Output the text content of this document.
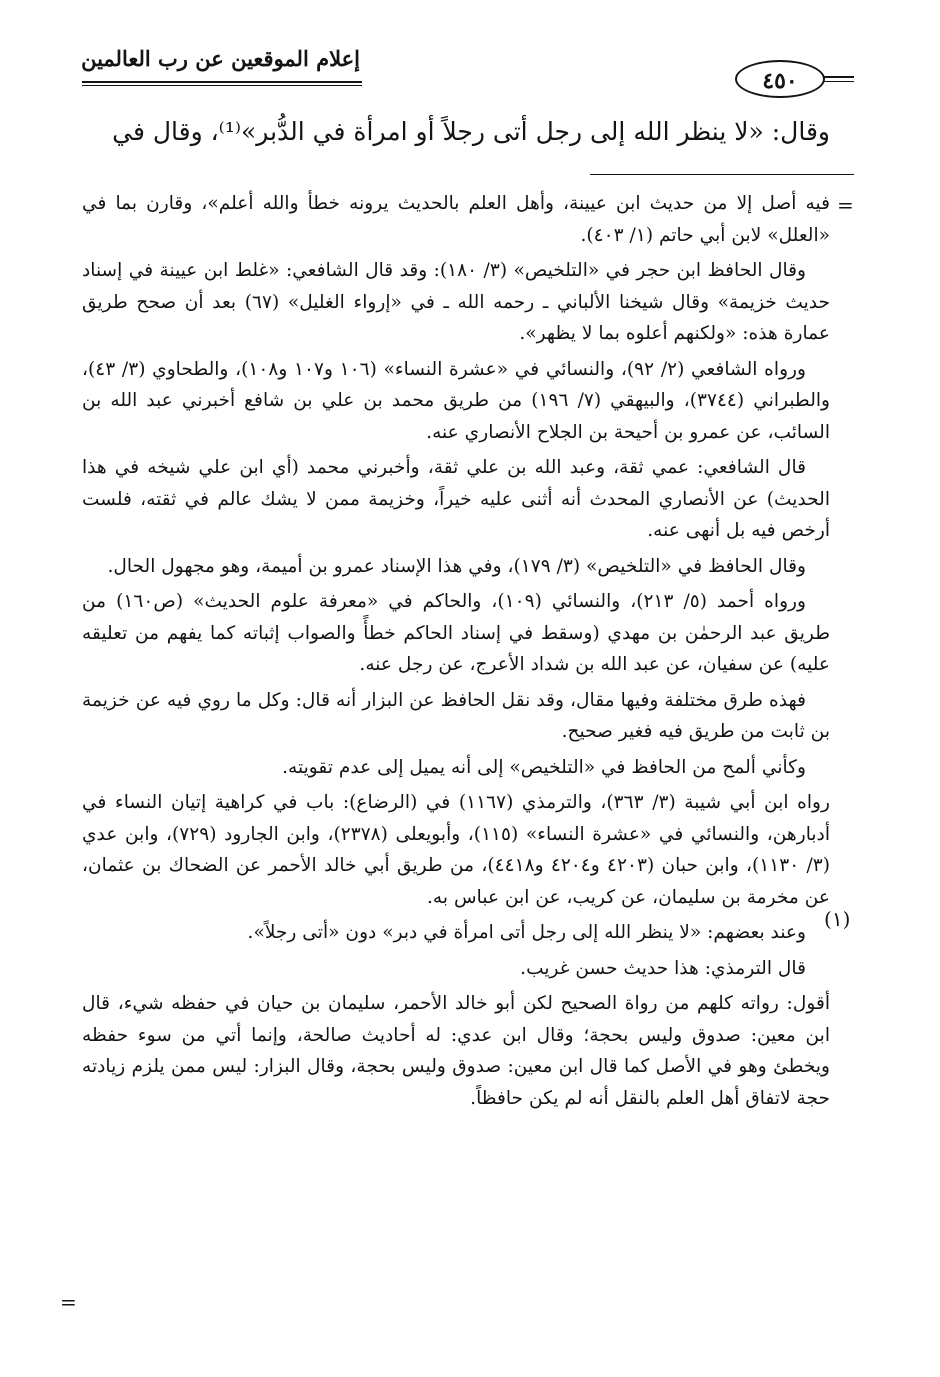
إعلام الموقعين عن رب العالمين
٤٥٠
وقال: «لا ينظر الله إلى رجل أتى رجلاً أو امرأة في الدُّبر»⁽¹⁾، وقال في
=
(١)
=

فيه أصل إلا من حديث ابن عيينة، وأهل العلم بالحديث يرونه خطأ والله أعلم»، وقارن بما في «العلل» لابن أبي حاتم (١/ ٤٠٣).

وقال الحافظ ابن حجر في «التلخيص» (٣/ ١٨٠): وقد قال الشافعي: «غلط ابن عيينة في إسناد حديث خزيمة» وقال شيخنا الألباني ـ رحمه الله ـ في «إرواء الغليل» (٦٧) بعد أن صحح طريق عمارة هذه: «ولكنهم أعلوه بما لا يظهر».

ورواه الشافعي (٢/ ٩٢)، والنسائي في «عشرة النساء» (١٠٦ و١٠٧ و١٠٨)، والطحاوي (٣/ ٤٣)، والطبراني (٣٧٤٤)، والبيهقي (٧/ ١٩٦) من طريق محمد بن علي بن شافع أخبرني عبد الله بن السائب، عن عمرو بن أحيحة بن الجلاح الأنصاري عنه.

قال الشافعي: عمي ثقة، وعبد الله بن علي ثقة، وأخبرني محمد (أي ابن علي شيخه في هذا الحديث) عن الأنصاري المحدث أنه أثنى عليه خيراً، وخزيمة ممن لا يشك عالم في ثقته، فلست أرخص فيه بل أنهى عنه.

وقال الحافظ في «التلخيص» (٣/ ١٧٩)، وفي هذا الإسناد عمرو بن أميمة، وهو مجهول الحال.

ورواه أحمد (٥/ ٢١٣)، والنسائي (١٠٩)، والحاكم في «معرفة علوم الحديث» (ص١٦٠) من طريق عبد الرحمٰن بن مهدي (وسقط في إسناد الحاكم خطأً والصواب إثباته كما يفهم من تعليقه عليه) عن سفيان، عن عبد الله بن شداد الأعرج، عن رجل عنه.

فهذه طرق مختلفة وفيها مقال، وقد نقل الحافظ عن البزار أنه قال: وكل ما روي فيه عن خزيمة بن ثابت من طريق فيه فغير صحيح.

وكأني ألمح من الحافظ في «التلخيص» إلى أنه يميل إلى عدم تقويته.

رواه ابن أبي شيبة (٣/ ٣٦٣)، والترمذي (١١٦٧) في (الرضاع): باب في كراهية إتيان النساء في أدبارهن، والنسائي في «عشرة النساء» (١١٥)، وأبويعلى (٢٣٧٨)، وابن الجارود (٧٢٩)، وابن عدي (٣/ ١١٣٠)، وابن حبان (٤٢٠٣ و٤٢٠٤ و٤٤١٨)، من طريق أبي خالد الأحمر عن الضحاك بن عثمان، عن مخرمة بن سليمان، عن كريب، عن ابن عباس به.

وعند بعضهم: «لا ينظر الله إلى رجل أتى امرأة في دبر» دون «أتى رجلاً».

قال الترمذي: هذا حديث حسن غريب.

أقول: رواته كلهم من رواة الصحيح لكن أبو خالد الأحمر، سليمان بن حيان في حفظه شيء، قال ابن معين: صدوق وليس بحجة؛ وقال ابن عدي: له أحاديث صالحة، وإنما أتي من سوء حفظه ويخطئ وهو في الأصل كما قال ابن معين: صدوق وليس بحجة، وقال البزار: ليس ممن يلزم زيادته حجة لاتفاق أهل العلم بالنقل أنه لم يكن حافظاً.
